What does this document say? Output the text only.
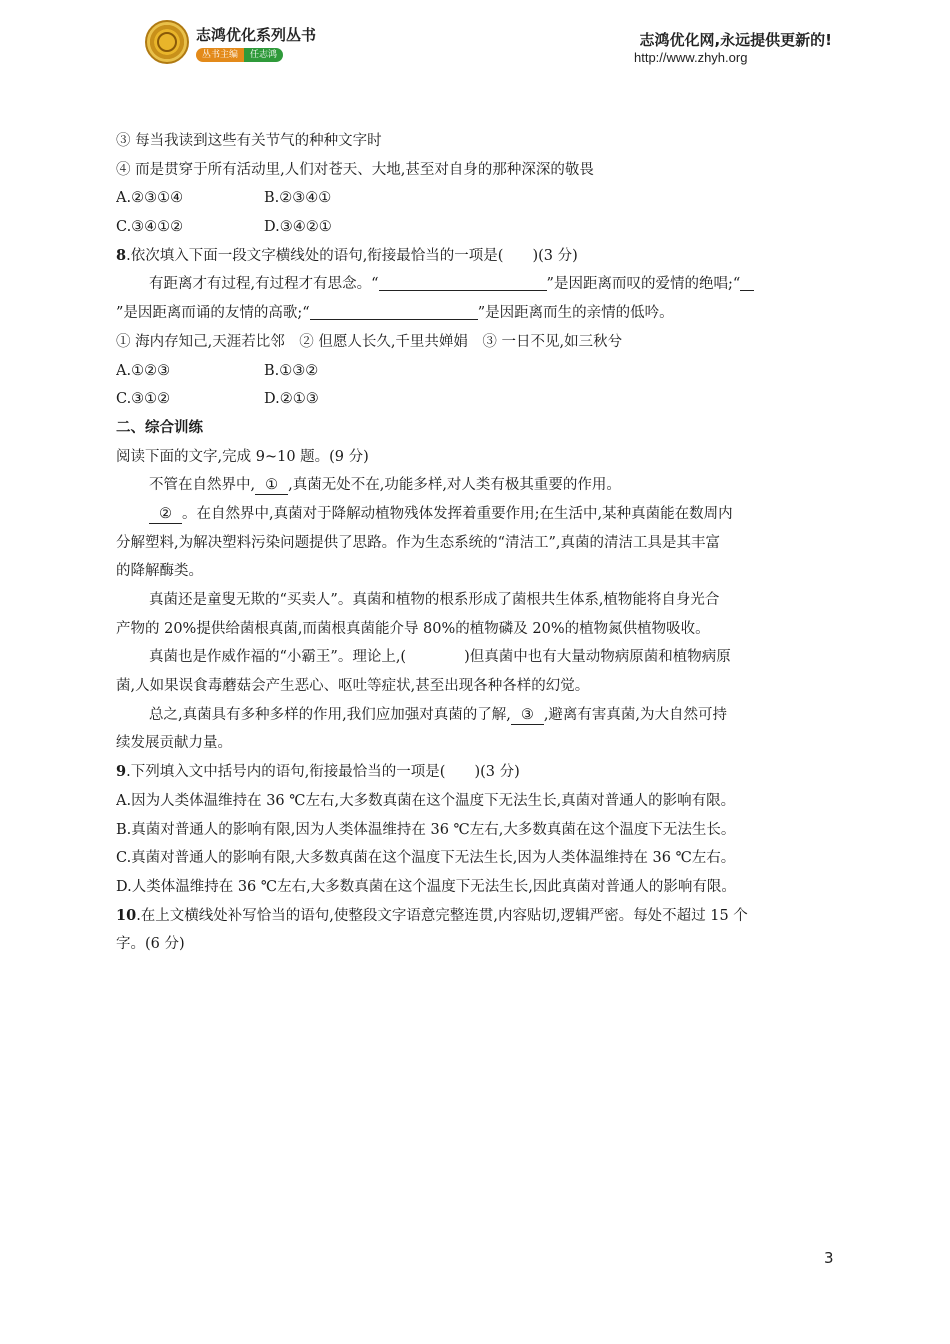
志鸿优化系列丛书
丛书主编	任志鸿
志鸿优化网,永远提供更新的!
http://www.zhyh.org
③ 每当我读到这些有关节气的种种文字时
④ 而是贯穿于所有活动里,人们对苍天、大地,甚至对自身的那种深深的敬畏
A.②③①④	B.②③④①
C.③④①②	D.③④②①
8.依次填入下面一段文字横线处的语句,衔接最恰当的一项是(　　)(3 分)
有距离才有过程,有过程才有思念。“	”是因距离而叹的爱情的绝唱;“
”是因距离而诵的友情的高歌;“	”是因距离而生的亲情的低吟。
① 海内存知己,天涯若比邻　② 但愿人长久,千里共婵娟　③ 一日不见,如三秋兮
A.①②③	B.①③②
C.③①②	D.②①③
二、综合训练
阅读下面的文字,完成 9~10 题。(9 分)
不管在自然界中, ① ,真菌无处不在,功能多样,对人类有极其重要的作用。
② 。在自然界中,真菌对于降解动植物残体发挥着重要作用;在生活中,某种真菌能在数周内
分解塑料,为解决塑料污染问题提供了思路。作为生态系统的“清洁工”,真菌的清洁工具是其丰富
的降解酶类。
真菌还是童叟无欺的“买卖人”。真菌和植物的根系形成了菌根共生体系,植物能将自身光合
产物的 20%提供给菌根真菌,而菌根真菌能介导 80%的植物磷及 20%的植物氮供植物吸收。
真菌也是作威作福的“小霸王”。理论上,(　　　　)但真菌中也有大量动物病原菌和植物病原
菌,人如果误食毒蘑菇会产生恶心、呕吐等症状,甚至出现各种各样的幻觉。
总之,真菌具有多种多样的作用,我们应加强对真菌的了解, ③ ,避离有害真菌,为大自然可持
续发展贡献力量。
9.下列填入文中括号内的语句,衔接最恰当的一项是(　　)(3 分)
A.因为人类体温维持在 36 ℃左右,大多数真菌在这个温度下无法生长,真菌对普通人的影响有限。
B.真菌对普通人的影响有限,因为人类体温维持在 36 ℃左右,大多数真菌在这个温度下无法生长。
C.真菌对普通人的影响有限,大多数真菌在这个温度下无法生长,因为人类体温维持在 36 ℃左右。
D.人类体温维持在 36 ℃左右,大多数真菌在这个温度下无法生长,因此真菌对普通人的影响有限。
10.在上文横线处补写恰当的语句,使整段文字语意完整连贯,内容贴切,逻辑严密。每处不超过 15 个
字。(6 分)
3
